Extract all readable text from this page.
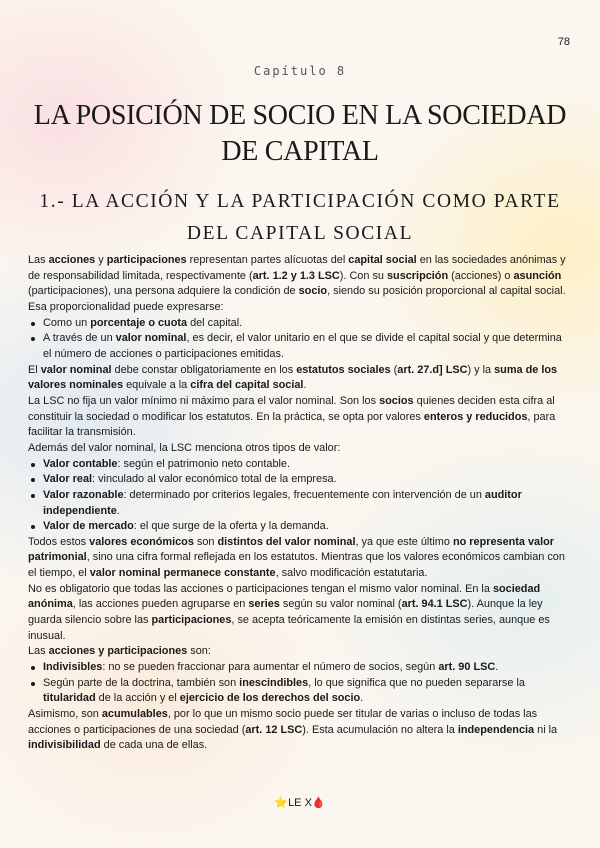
78
Capítulo 8
LA POSICIÓN DE SOCIO EN LA SOCIEDAD DE CAPITAL
1.- LA ACCIÓN Y LA PARTICIPACIÓN COMO PARTE DEL CAPITAL SOCIAL

Las acciones y participaciones representan partes alícuotas del capital social en las sociedades anónimas y de responsabilidad limitada, respectivamente (art. 1.2 y 1.3 LSC). Con su suscripción (acciones) o asunción (participaciones), una persona adquiere la condición de socio, siendo su posición proporcional al capital social.

Esa proporcionalidad puede expresarse:

Como un porcentaje o cuota del capital.
A través de un valor nominal, es decir, el valor unitario en el que se divide el capital social y que determina el número de acciones o participaciones emitidas.

El valor nominal debe constar obligatoriamente en los estatutos sociales (art. 27.d] LSC) y la suma de los valores nominales equivale a la cifra del capital social.

La LSC no fija un valor mínimo ni máximo para el valor nominal. Son los socios quienes deciden esta cifra al constituir la sociedad o modificar los estatutos. En la práctica, se opta por valores enteros y reducidos, para facilitar la transmisión.

Además del valor nominal, la LSC menciona otros tipos de valor:

Valor contable: según el patrimonio neto contable.
Valor real: vinculado al valor económico total de la empresa.
Valor razonable: determinado por criterios legales, frecuentemente con intervención de un auditor independiente.
Valor de mercado: el que surge de la oferta y la demanda.

Todos estos valores económicos son distintos del valor nominal, ya que este último no representa valor patrimonial, sino una cifra formal reflejada en los estatutos. Mientras que los valores económicos cambian con el tiempo, el valor nominal permanece constante, salvo modificación estatutaria.

No es obligatorio que todas las acciones o participaciones tengan el mismo valor nominal. En la sociedad anónima, las acciones pueden agruparse en series según su valor nominal (art. 94.1 LSC). Aunque la ley guarda silencio sobre las participaciones, se acepta teóricamente la emisión en distintas series, aunque es inusual.

Las acciones y participaciones son:

Indivisibles: no se pueden fraccionar para aumentar el número de socios, según art. 90 LSC.
Según parte de la doctrina, también son inescindibles, lo que significa que no pueden separarse la titularidad de la acción y el ejercicio de los derechos del socio.

Asimismo, son acumulables, por lo que un mismo socio puede ser titular de varias o incluso de todas las acciones o participaciones de una sociedad (art. 12 LSC). Esta acumulación no altera la independencia ni la indivisibilidad de cada una de ellas.

⭐LE X🩸
